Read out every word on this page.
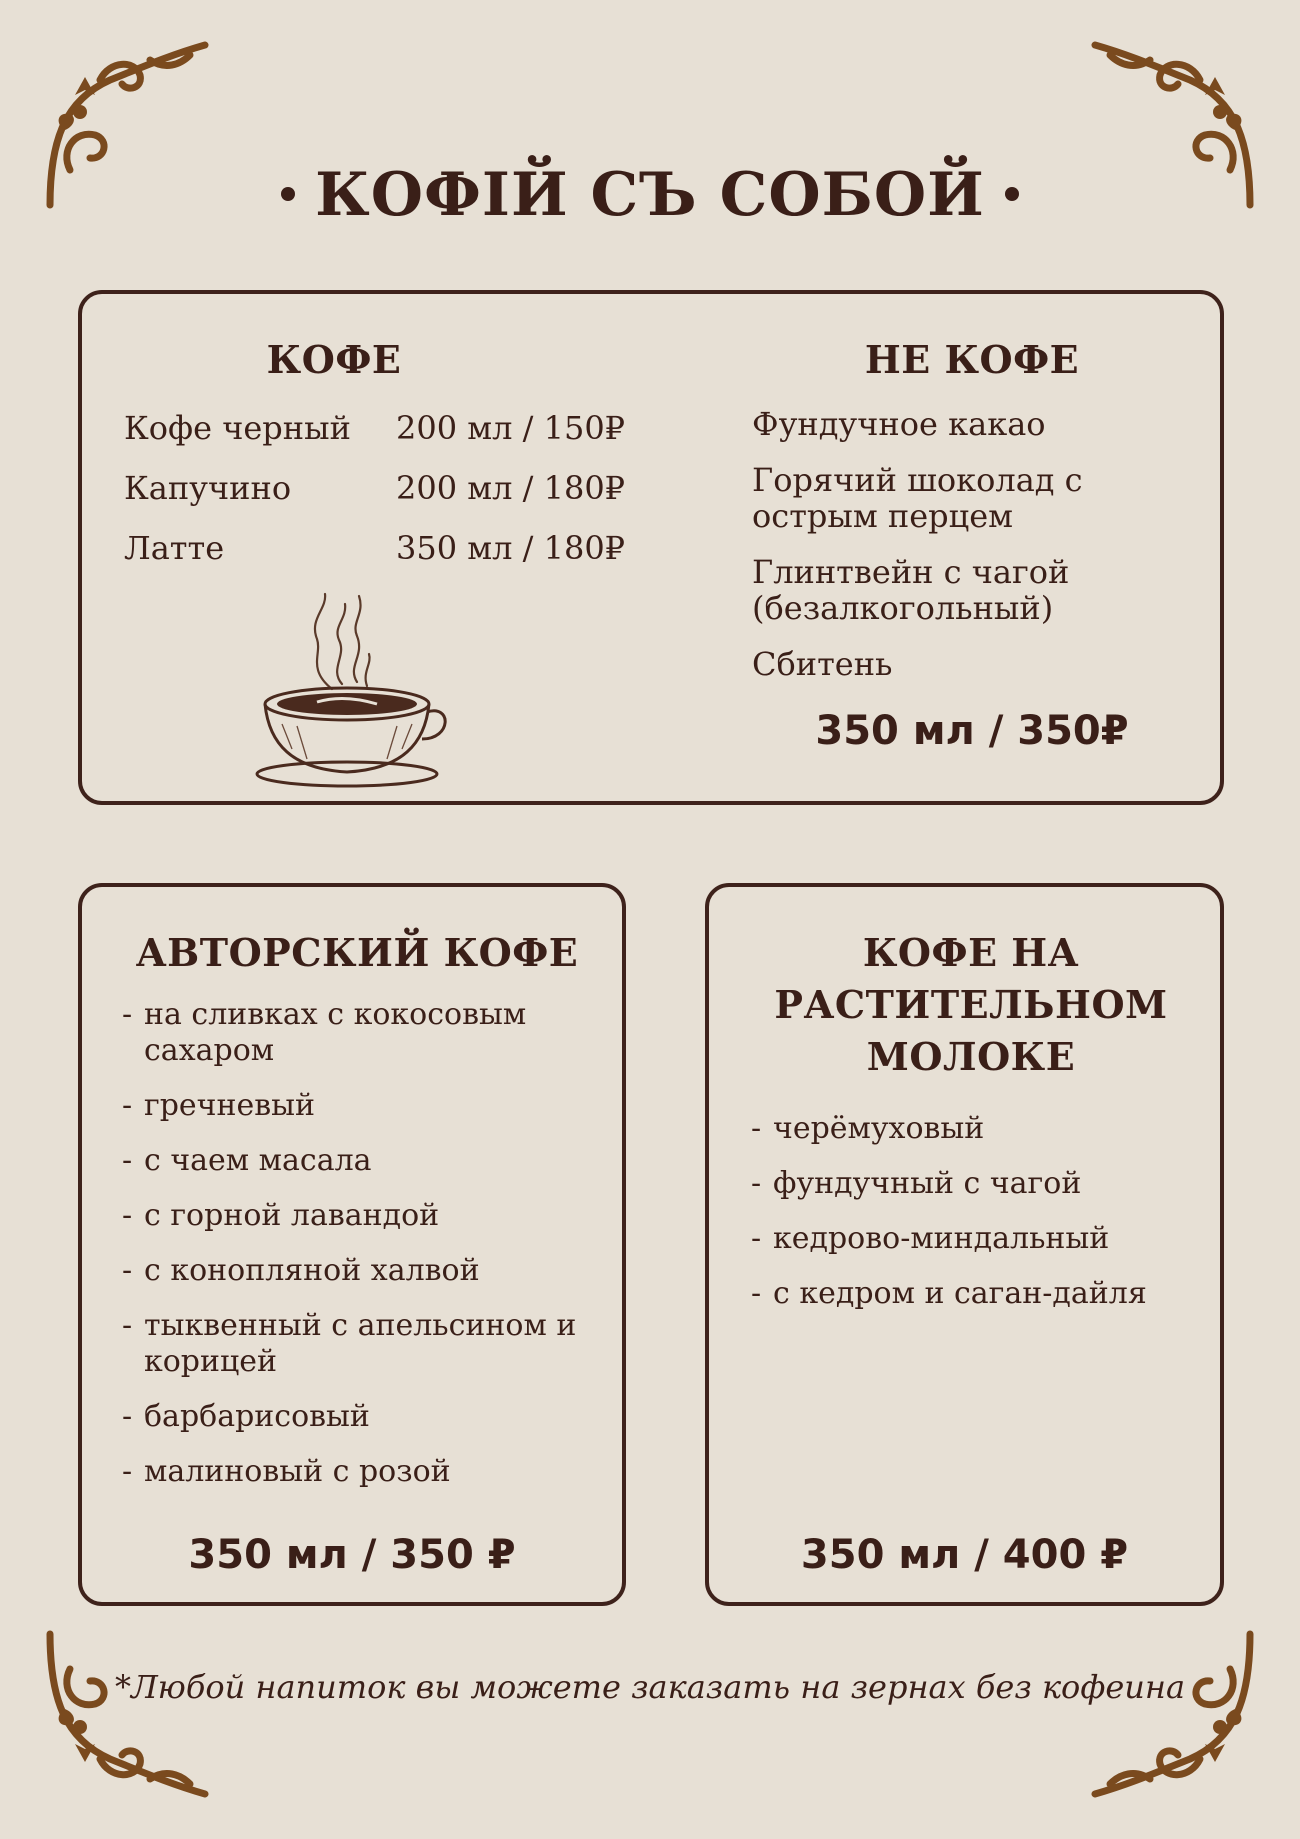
КОФIЙ СЪ СОБОЙ
КОФЕ
Кофе черный	200 мл / 150₽
Капучино	200 мл / 180₽
Латте	350 мл / 180₽
НЕ КОФЕ
Фундучное какао
Горячий шоколад с острым перцем
Глинтвейн с чагой (безалкогольный)
Сбитень
350 мл / 350₽
АВТОРСКИЙ КОФЕ
- на сливках с кокосовым сахаром
- гречневый
- с чаем масала
- с горной лавандой
- с конопляной халвой
- тыквенный с апельсином и корицей
- барбарисовый
- малиновый с розой
350 мл / 350 ₽
КОФЕ НА РАСТИТЕЛЬНОМ МОЛОКЕ
- черёмуховый
- фундучный с чагой
- кедрово-миндальный
- с кедром и саган-дайля
350 мл / 400 ₽
*Любой напиток вы можете заказать на зернах без кофеина
